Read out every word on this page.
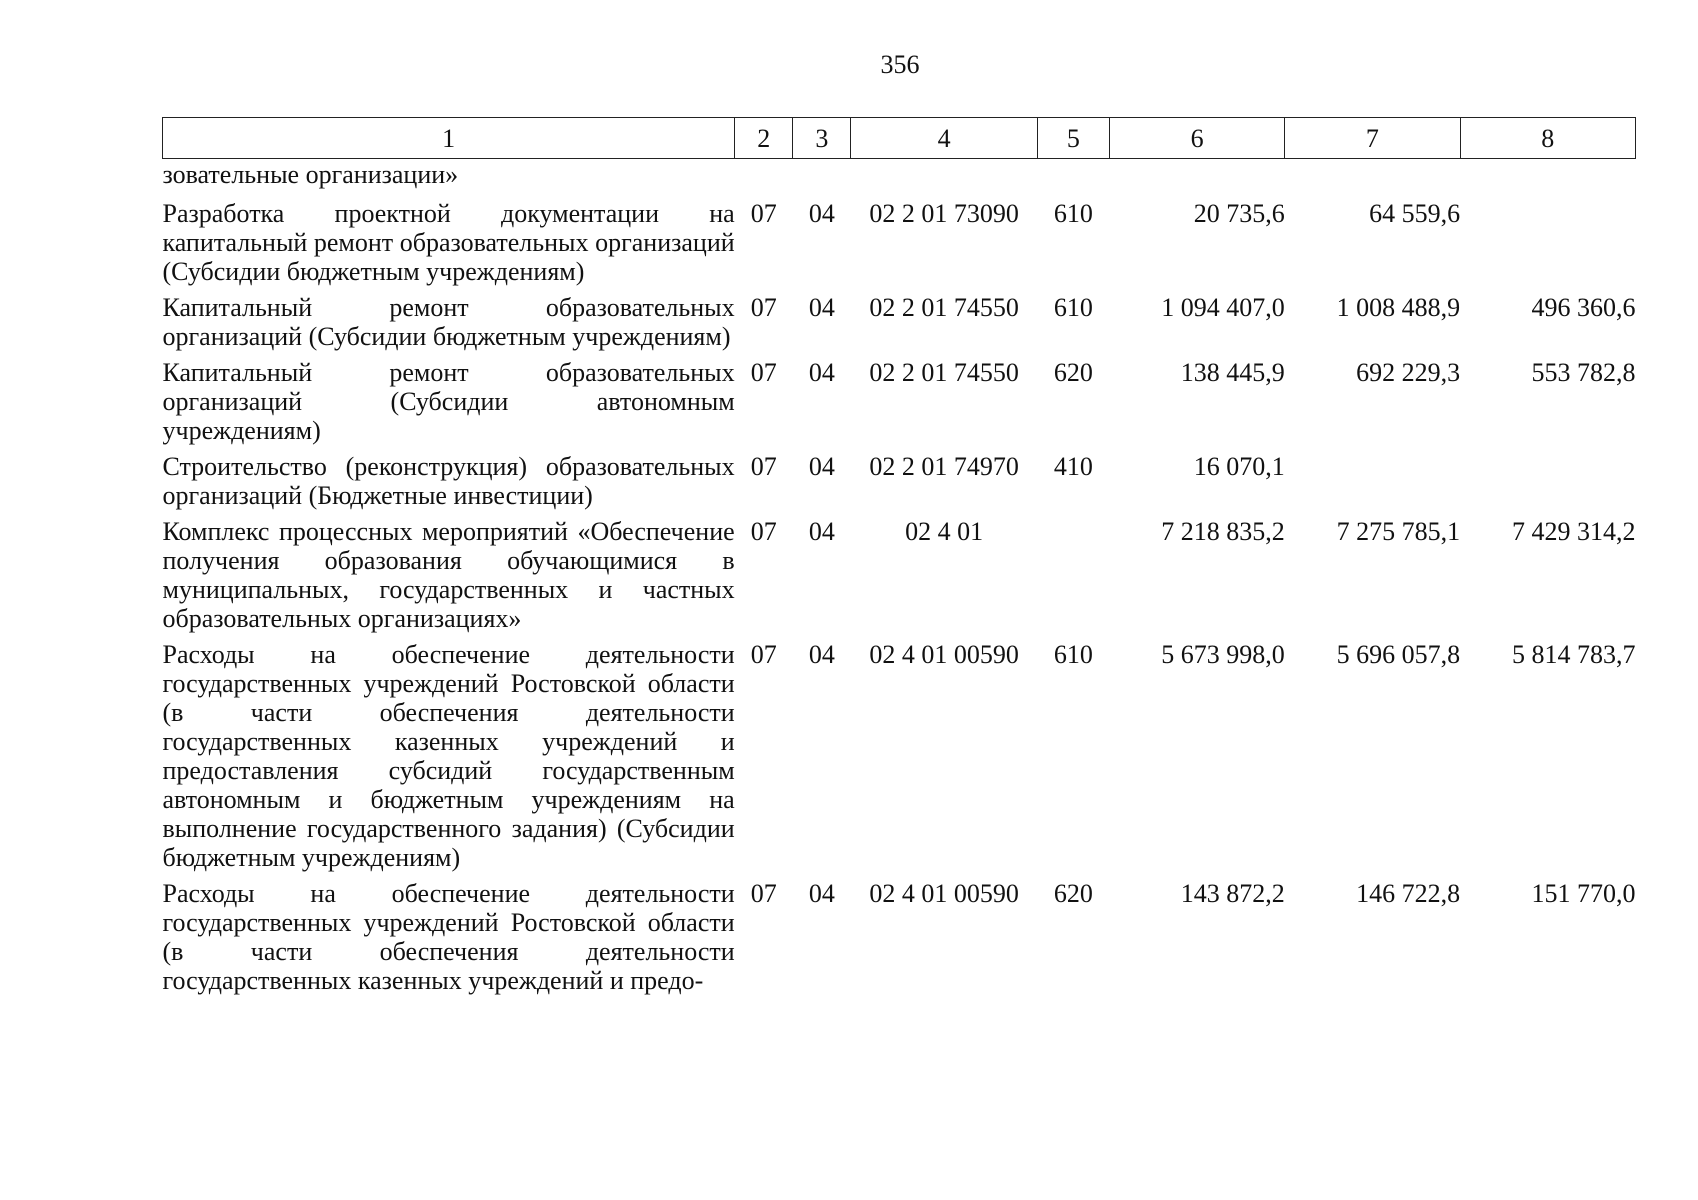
356
1	2	3	4	5	6	7	8
зовательные организации»							
Разработка проектной документации на капитальный ремонт образовательных организаций (Субсидии бюджетным учреждениям)	07	04	02 2 01 73090	610	20 735,6	64 559,6	
Капитальный ремонт образовательных организаций (Субсидии бюджетным учреждениям)	07	04	02 2 01 74550	610	1 094 407,0	1 008 488,9	496 360,6
Капитальный ремонт образовательных организаций (Субсидии автономным учреждениям)	07	04	02 2 01 74550	620	138 445,9	692 229,3	553 782,8
Строительство (реконструкция) образовательных организаций (Бюджетные инвестиции)	07	04	02 2 01 74970	410	16 070,1		
Комплекс процессных мероприятий «Обеспечение получения образования обучающимися в муниципальных, государственных и частных образовательных организациях»	07	04	02 4 01		7 218 835,2	7 275 785,1	7 429 314,2
Расходы на обеспечение деятельности государственных учреждений Ростовской области (в части обеспечения деятельности государственных казенных учреждений и предоставления субсидий государственным автономным и бюджетным учреждениям на выполнение государственного задания) (Субсидии бюджетным учреждениям)	07	04	02 4 01 00590	610	5 673 998,0	5 696 057,8	5 814 783,7
Расходы на обеспечение деятельности государственных учреждений Ростовской области (в части обеспечения деятельности государственных казенных учреждений и предо-	07	04	02 4 01 00590	620	143 872,2	146 722,8	151 770,0
